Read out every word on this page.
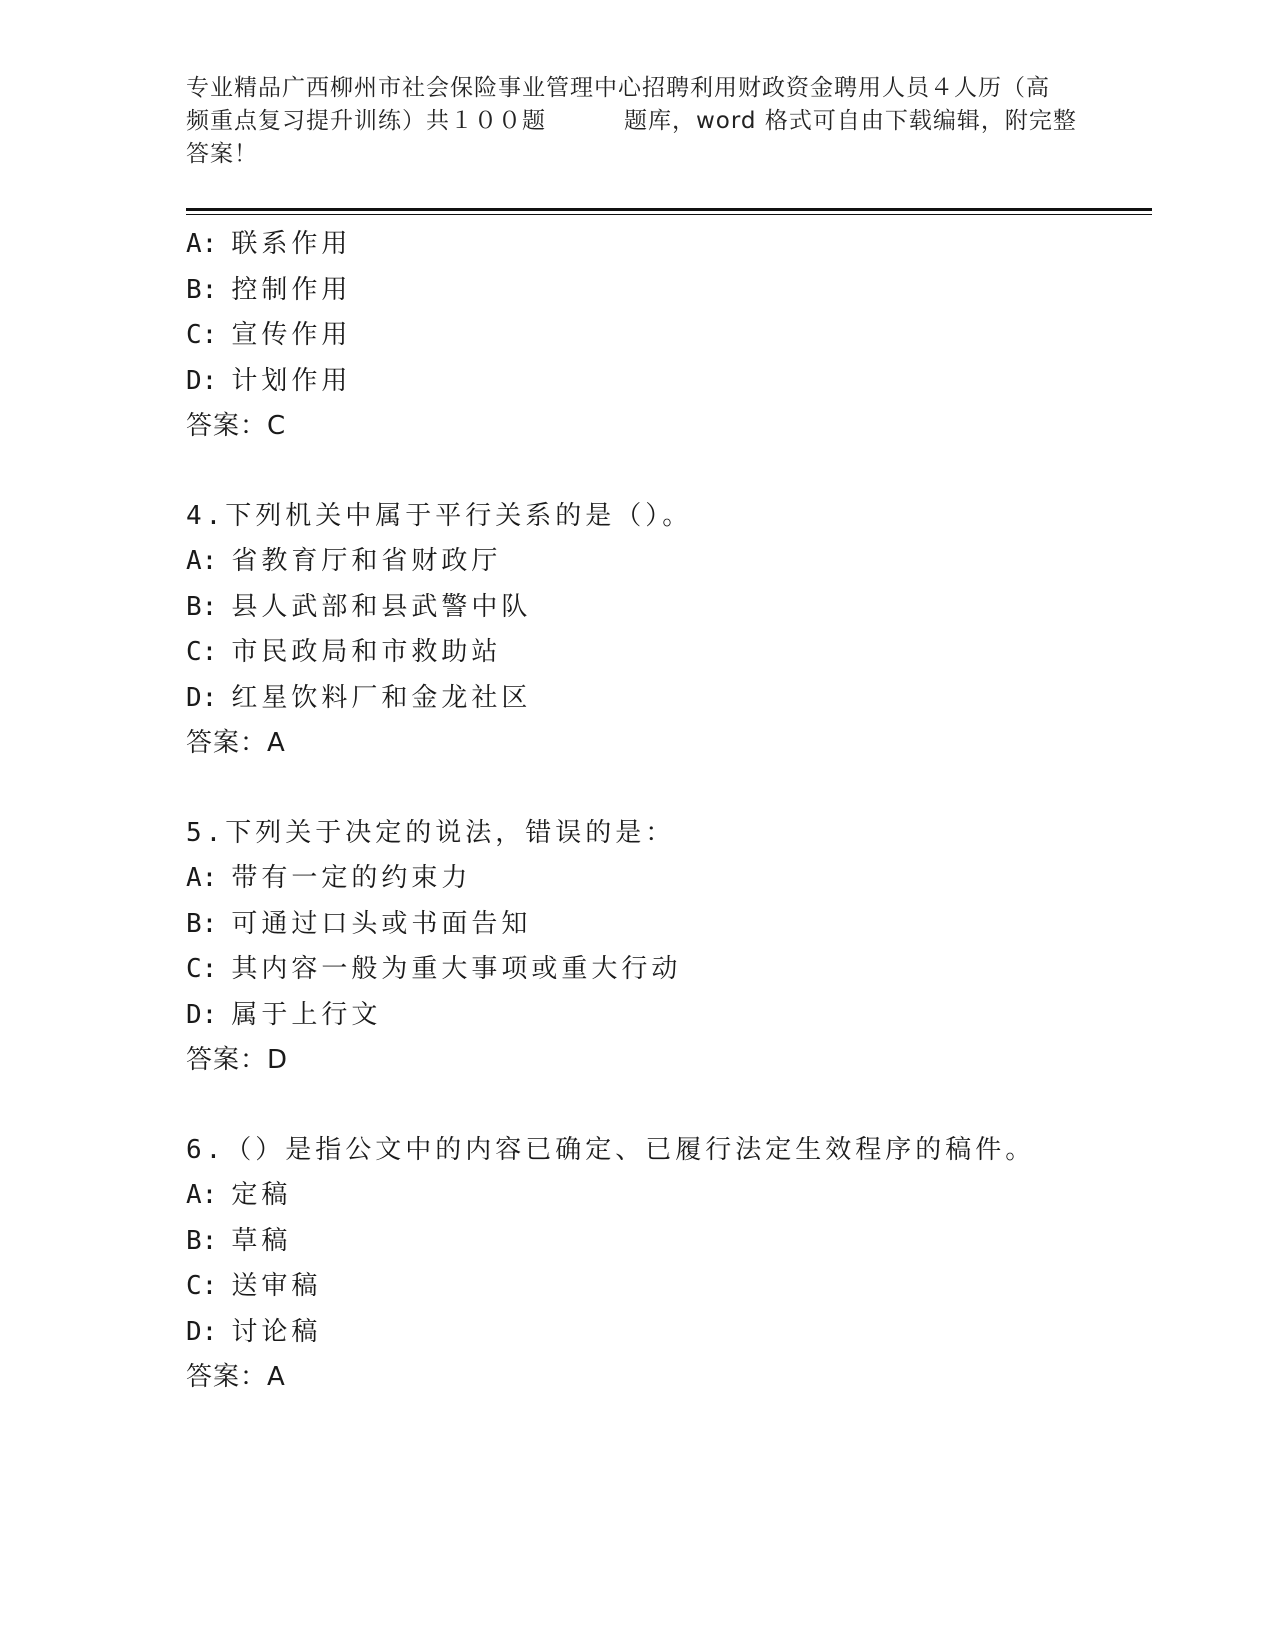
专业精品广西柳州市社会保险事业管理中心招聘利用财政资金聘用人员４人历（高
频重点复习提升训练）共１００题	题库，word 格式可自由下载编辑，附完整
答案！
A: 联系作用
B: 控制作用
C: 宣传作用
D: 计划作用
答案：C
4.下列机关中属于平行关系的是（）。
A: 省教育厅和省财政厅
B: 县人武部和县武警中队
C: 市民政局和市救助站
D: 红星饮料厂和金龙社区
答案：A
5.下列关于决定的说法，错误的是：
A: 带有一定的约束力
B: 可通过口头或书面告知
C: 其内容一般为重大事项或重大行动
D: 属于上行文
答案：D
6.（）是指公文中的内容已确定、已履行法定生效程序的稿件。
A: 定稿
B: 草稿
C: 送审稿
D: 讨论稿
答案：A
